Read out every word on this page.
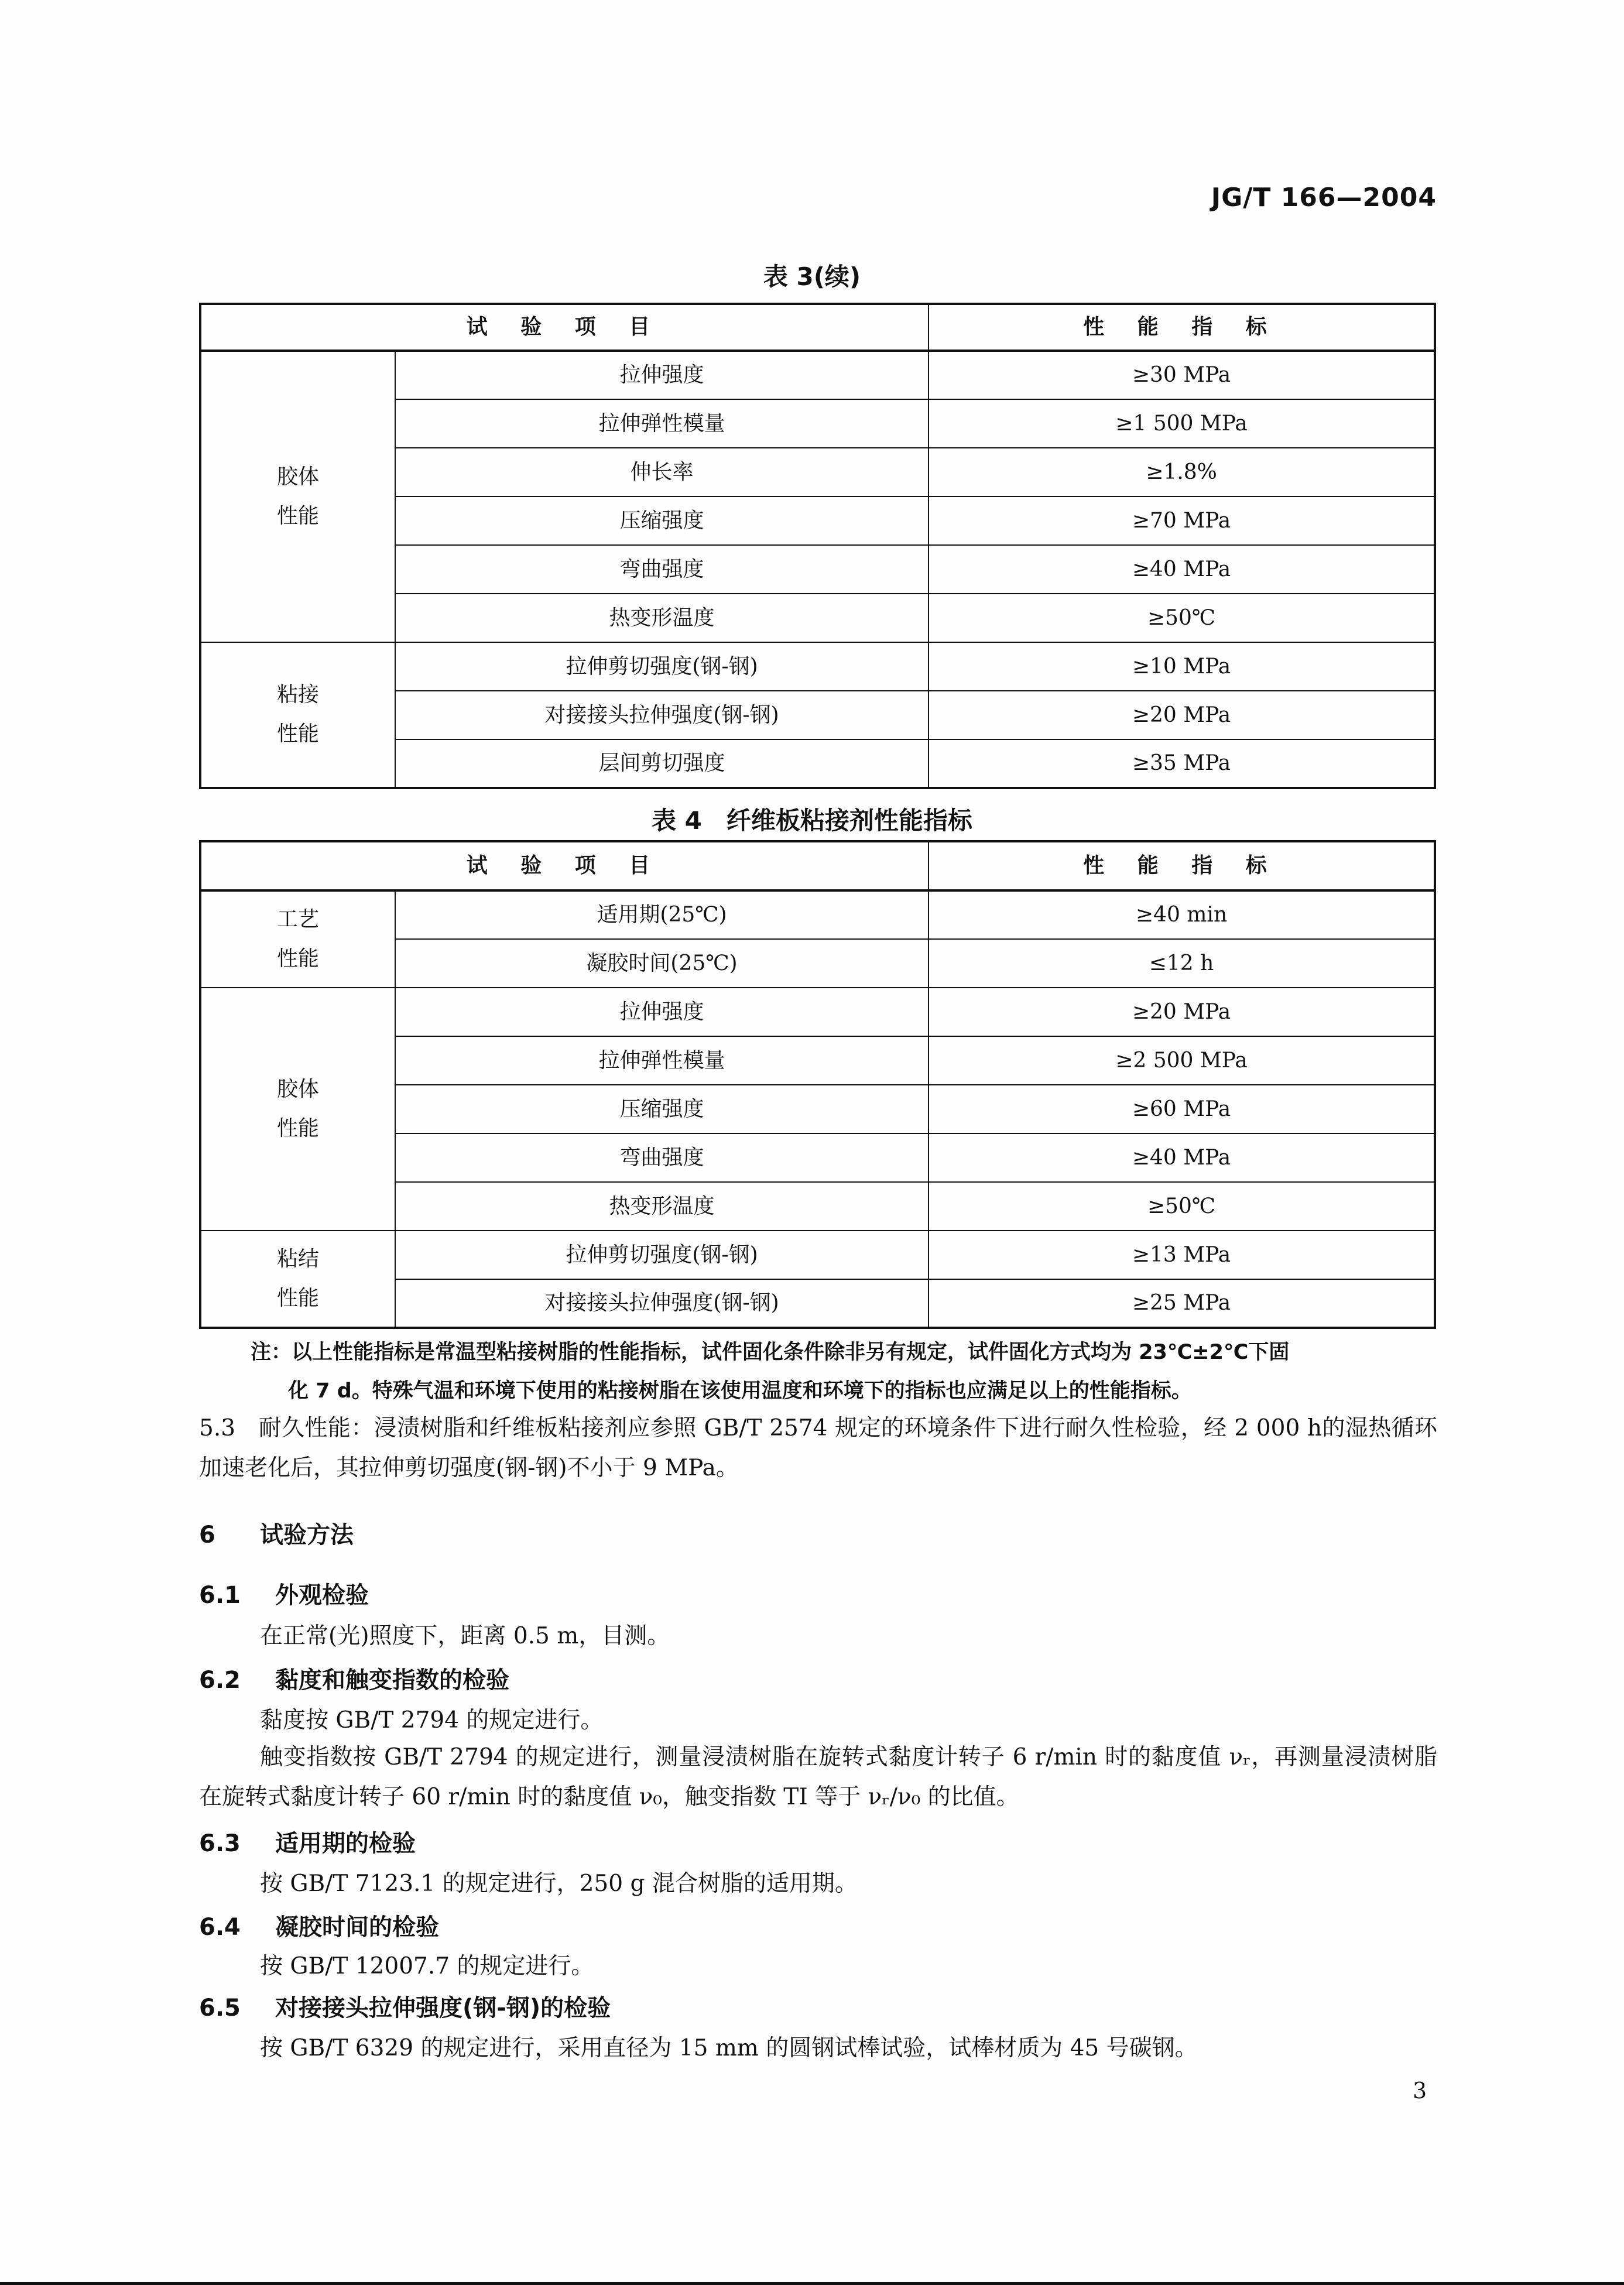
JG/T 166—2004
表 3(续)
试 验 项 目		性 能 指 标
胶体
性能	拉伸强度	≥30 MPa
	拉伸弹性模量	≥1 500 MPa
	伸长率	≥1.8%
	压缩强度	≥70 MPa
	弯曲强度	≥40 MPa
	热变形温度	≥50℃
粘接
性能	拉伸剪切强度(钢-钢)	≥10 MPa
	对接接头拉伸强度(钢-钢)	≥20 MPa
	层间剪切强度	≥35 MPa
表 4　纤维板粘接剂性能指标
试 验 项 目		性 能 指 标
工艺
性能	适用期(25℃)	≥40 min
	凝胶时间(25℃)	≤12 h
胶体
性能	拉伸强度	≥20 MPa
	拉伸弹性模量	≥2 500 MPa
	压缩强度	≥60 MPa
	弯曲强度	≥40 MPa
	热变形温度	≥50℃
粘结
性能	拉伸剪切强度(钢-钢)	≥13 MPa
	对接接头拉伸强度(钢-钢)	≥25 MPa
注：以上性能指标是常温型粘接树脂的性能指标，试件固化条件除非另有规定，试件固化方式均为 23℃±2℃下固
化 7 d。特殊气温和环境下使用的粘接树脂在该使用温度和环境下的指标也应满足以上的性能指标。
5.3　耐久性能：浸渍树脂和纤维板粘接剂应参照 GB/T 2574 规定的环境条件下进行耐久性检验，经 2 000 h的湿热循环加速老化后，其拉伸剪切强度(钢-钢)不小于 9 MPa。
6 试验方法
6.1 外观检验
在正常(光)照度下，距离 0.5 m，目测。
6.2 黏度和触变指数的检验
黏度按 GB/T 2794 的规定进行。
触变指数按 GB/T 2794 的规定进行，测量浸渍树脂在旋转式黏度计转子 6 r/min 时的黏度值 νᵣ，再测量浸渍树脂在旋转式黏度计转子 60 r/min 时的黏度值 ν₀，触变指数 TI 等于 νᵣ/ν₀ 的比值。
6.3 适用期的检验
按 GB/T 7123.1 的规定进行，250 g 混合树脂的适用期。
6.4 凝胶时间的检验
按 GB/T 12007.7 的规定进行。
6.5 对接接头拉伸强度(钢-钢)的检验
按 GB/T 6329 的规定进行，采用直径为 15 mm 的圆钢试棒试验，试棒材质为 45 号碳钢。
3
